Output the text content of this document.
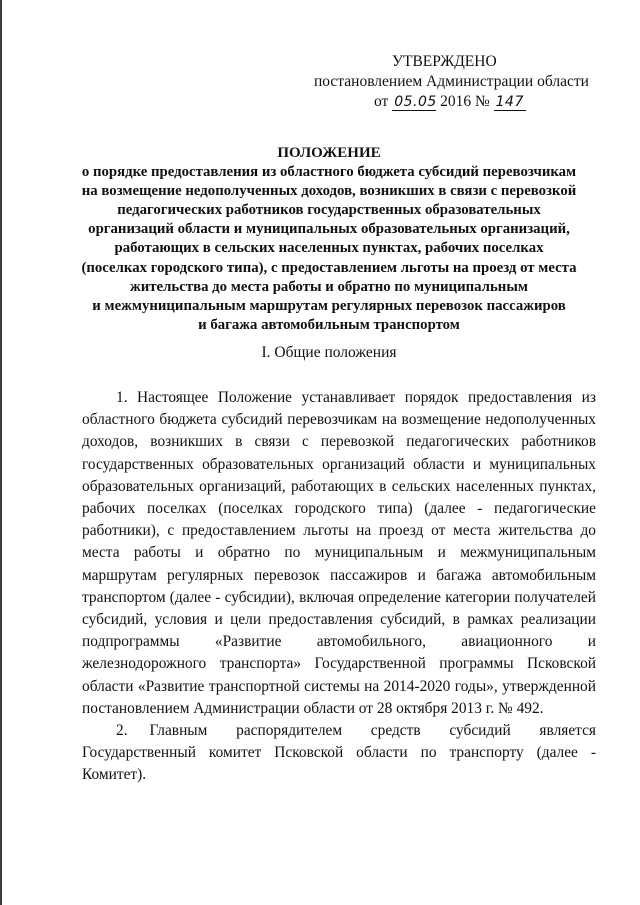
УТВЕРЖДЕНО
постановлением Администрации области
от 05.05 2016 № 147
ПОЛОЖЕНИЕ
о порядке предоставления из областного бюджета субсидий перевозчикам
на возмещение недополученных доходов, возникших в связи с перевозкой
педагогических работников государственных образовательных
организаций области и муниципальных образовательных организаций,
работающих в сельских населенных пунктах, рабочих поселках
(поселках городского типа), с предоставлением льготы на проезд от места
жительства до места работы и обратно по муниципальным
и межмуниципальным маршрутам регулярных перевозок пассажиров
и багажа автомобильным транспортом
I. Общие положения

1. Настоящее Положение устанавливает порядок предоставления из областного бюджета субсидий перевозчикам на возмещение недополученных доходов, возникших в связи с перевозкой педагогических работников государственных образовательных организаций области и муниципальных образовательных организаций, работающих в сельских населенных пунктах, рабочих поселках (поселках городского типа) (далее - педагогические работники), с предоставлением льготы на проезд от места жительства до места работы и обратно по муниципальным и межмуниципальным маршрутам регулярных перевозок пассажиров и багажа автомобильным транспортом (далее - субсидии), включая определение категории получателей субсидий, условия и цели предоставления субсидий, в рамках реализации подпрограммы «Развитие автомобильного, авиационного и железнодорожного транспорта» Государственной программы Псковской области «Развитие транспортной системы на 2014-2020 годы», утвержденной постановлением Администрации области от 28 октября 2013 г. № 492.

2. Главным распорядителем средств субсидий является Государственный комитет Псковской области по транспорту (далее - Комитет).
